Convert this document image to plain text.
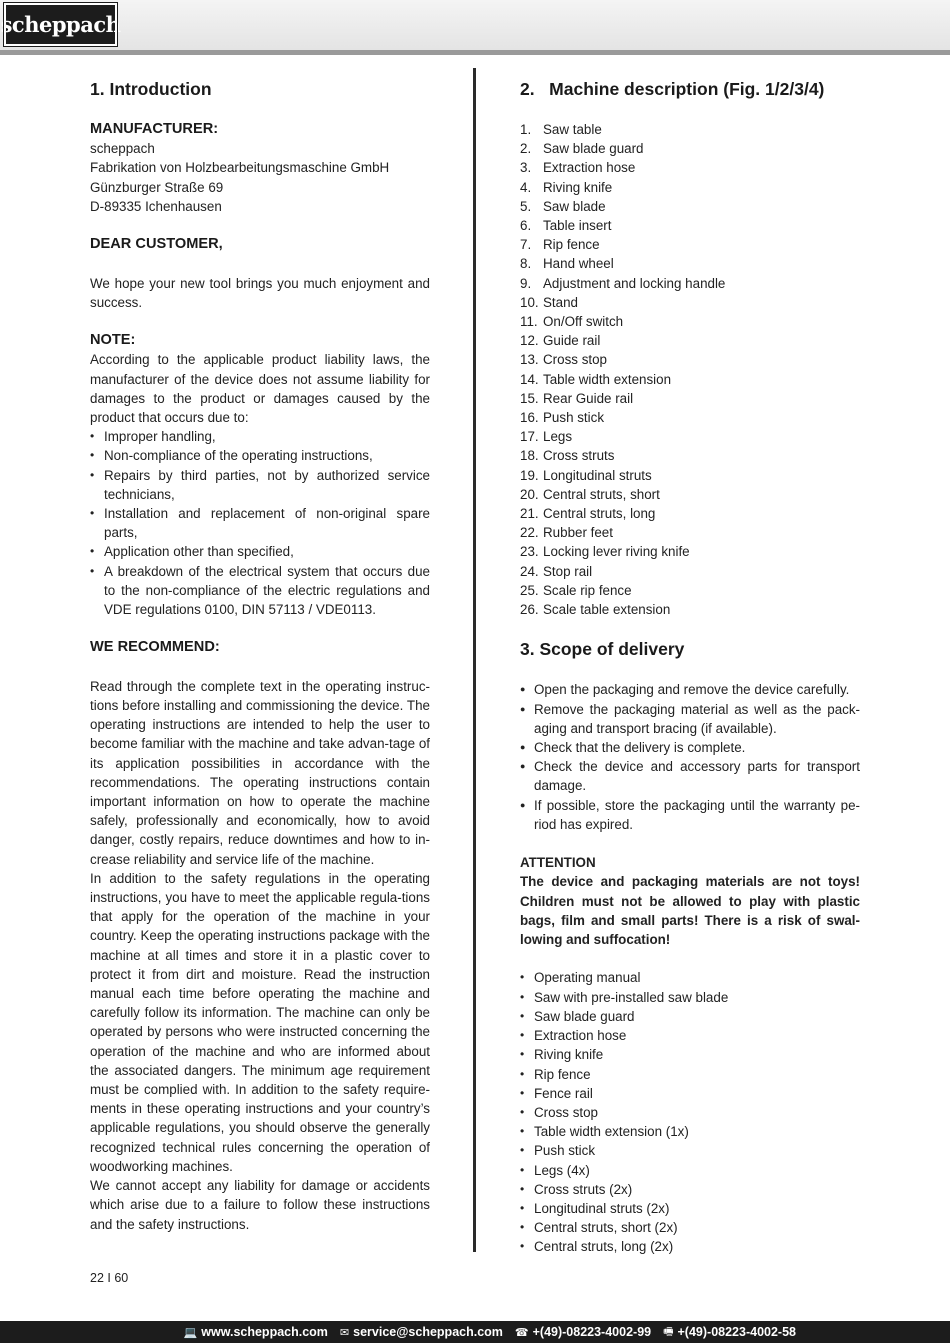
scheppach
1. Introduction
MANUFACTURER:

scheppach

Fabrikation von Holzbearbeitungsmaschine GmbH

Günzburger Straße 69

D-89335 Ichenhausen

DEAR CUSTOMER,

We hope your new tool brings you much enjoyment and success.

NOTE:

According to the applicable product liability laws, the manufacturer of the device does not assume liability for damages to the product or damages caused by the product that occurs due to:

• Improper handling,
• Non-compliance of the operating instructions,
• Repairs by third parties, not by authorized service technicians,
• Installation and replacement of non-original spare parts,
• Application other than specified,
• A breakdown of the electrical system that occurs due to the non-compliance of the electric regulations and VDE regulations 0100, DIN 57113 / VDE0113.
WE RECOMMEND:

Read through the complete text in the operating instruc-tions before installing and commissioning the device. The operating instructions are intended to help the user to become familiar with the machine and take advan-tage of its application possibilities in accordance with the recommendations. The operating instructions contain important information on how to operate the machine safely, professionally and economically, how to avoid danger, costly repairs, reduce downtimes and how to in-crease reliability and service life of the machine.

In addition to the safety regulations in the operating instructions, you have to meet the applicable regula-tions that apply for the operation of the machine in your country. Keep the operating instructions package with the machine at all times and store it in a plastic cover to protect it from dirt and moisture. Read the instruction manual each time before operating the machine and carefully follow its information. The machine can only be operated by persons who were instructed concerning the operation of the machine and who are informed about the associated dangers. The minimum age requirement must be complied with. In addition to the safety require-ments in these operating instructions and your country’s applicable regulations, you should observe the generally recognized technical rules concerning the operation of woodworking machines.

We cannot accept any liability for damage or accidents which arise due to a failure to follow these instructions and the safety instructions.

2.   Machine description (Fig. 1/2/3/4)
1. Saw table
2. Saw blade guard
3. Extraction hose
4. Riving knife
5. Saw blade
6. Table insert
7. Rip fence
8. Hand wheel
9. Adjustment and locking handle
10. Stand
11. On/Off switch
12. Guide rail
13. Cross stop
14. Table width extension
15. Rear Guide rail
16. Push stick
17. Legs
18. Cross struts
19. Longitudinal struts
20. Central struts, short
21. Central struts, long
22. Rubber feet
23. Locking lever riving knife
24. Stop rail
25. Scale rip fence
26. Scale table extension
3. Scope of delivery
● Open the packaging and remove the device carefully.
● Remove the packaging material as well as the pack-aging and transport bracing (if available).
● Check that the delivery is complete.
● Check the device and accessory parts for transport damage.
● If possible, store the packaging until the warranty pe-riod has expired.

ATTENTION

The device and packaging materials are not toys! Children must not be allowed to play with plastic bags, film and small parts! There is a risk of swal-lowing and suffocation!

• Operating manual
• Saw with pre-installed saw blade
• Saw blade guard
• Extraction hose
• Riving knife
• Rip fence
• Fence rail
• Cross stop
• Table width extension (1x)
• Push stick
• Legs (4x)
• Cross struts (2x)
• Longitudinal struts (2x)
• Central struts, short (2x)
• Central struts, long (2x)
22 I 60
💻 www.scheppach.com ✉ service@scheppach.com ☎ +(49)-08223-4002-99 🖷 +(49)-08223-4002-58
